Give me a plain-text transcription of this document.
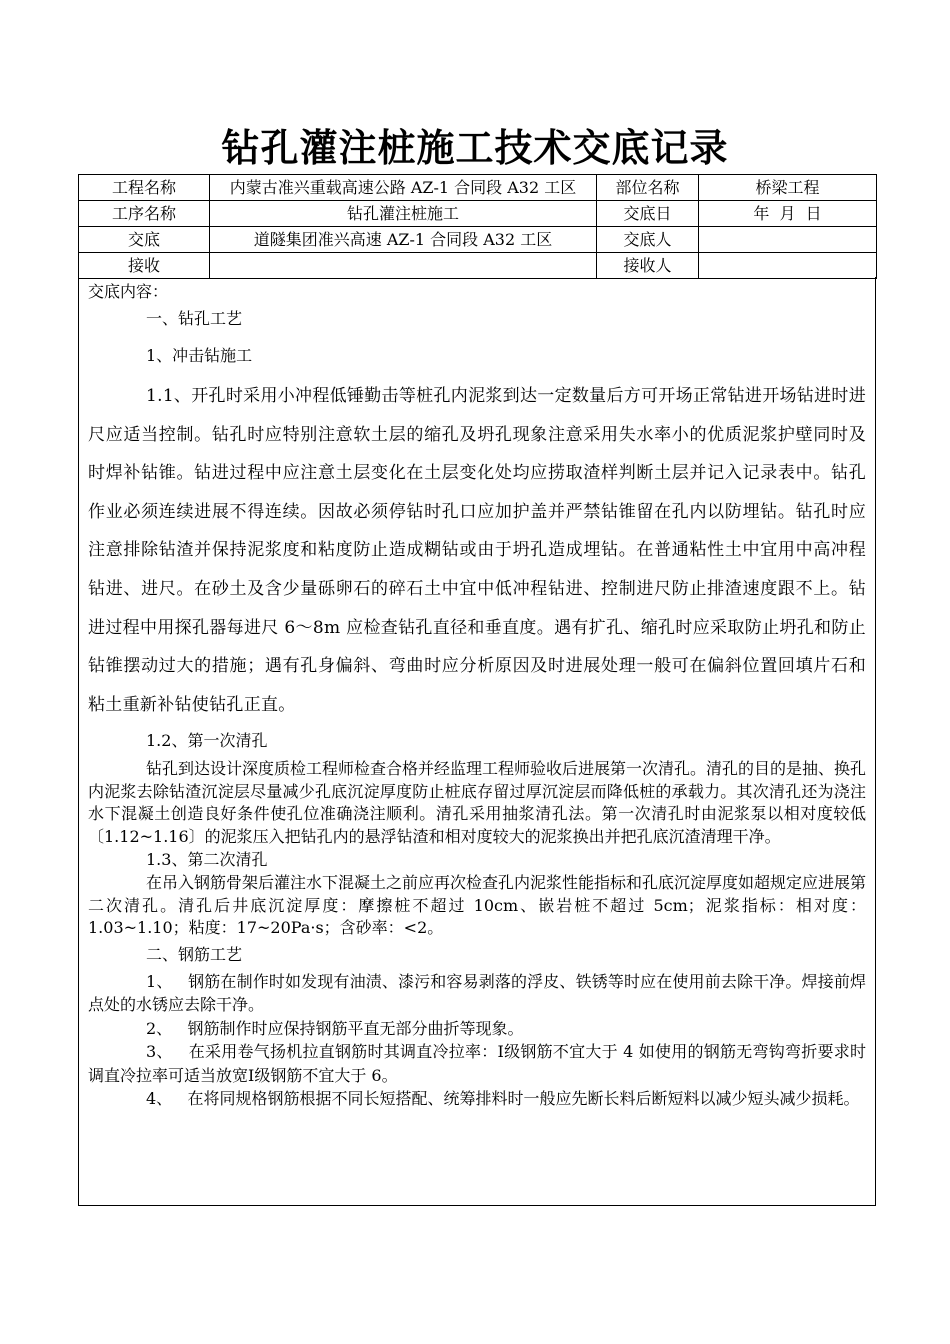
钻孔灌注桩施工技术交底记录
工程名称	内蒙古准兴重载高速公路 AZ-1 合同段 A32 工区	部位名称	桥梁工程
工序名称	钻孔灌注桩施工	交底日	年  月  日
交底	道隧集团准兴高速 AZ-1 合同段 A32 工区	交底人	
接收		接收人	

交底内容：

一、钻孔工艺

1、冲击钻施工

1.1、开孔时采用小冲程低锤勤击等桩孔内泥浆到达一定数量后方可开场正常钻进开场钻进时进尺应适当控制。钻孔时应特别注意软土层的缩孔及坍孔现象注意采用失水率小的优质泥浆护壁同时及时焊补钻锥。钻进过程中应注意土层变化在土层变化处均应捞取渣样判断土层并记入记录表中。钻孔作业必须连续进展不得连续。因故必须停钻时孔口应加护盖并严禁钻锥留在孔内以防埋钻。钻孔时应注意排除钻渣并保持泥浆度和粘度防止造成糊钻或由于坍孔造成埋钻。在普通粘性土中宜用中高冲程钻进、进尺。在砂土及含少量砾卵石的碎石土中宜中低冲程钻进、控制进尺防止排渣速度跟不上。钻进过程中用探孔器每进尺 6～8m 应检查钻孔直径和垂直度。遇有扩孔、缩孔时应采取防止坍孔和防止钻锥摆动过大的措施；遇有孔身偏斜、弯曲时应分析原因及时进展处理一般可在偏斜位置回填片石和粘土重新补钻使钻孔正直。

1.2、第一次清孔

钻孔到达设计深度质检工程师检查合格并经监理工程师验收后进展第一次清孔。清孔的目的是抽、换孔内泥浆去除钻渣沉淀层尽量减少孔底沉淀厚度防止桩底存留过厚沉淀层而降低桩的承载力。其次清孔还为浇注水下混凝土创造良好条件使孔位准确浇注顺利。清孔采用抽浆清孔法。第一次清孔时由泥浆泵以相对度较低〔1.12~1.16〕的泥浆压入把钻孔内的悬浮钻渣和相对度较大的泥浆换出并把孔底沉渣清理干净。

1.3、第二次清孔

在吊入钢筋骨架后灌注水下混凝土之前应再次检查孔内泥浆性能指标和孔底沉淀厚度如超规定应进展第二次清孔。清孔后井底沉淀厚度：摩擦桩不超过 10cm、嵌岩桩不超过 5cm；泥浆指标：相对度：1.03~1.10；粘度：17~20Pa·s；含砂率：<2。

二、钢筋工艺

1、   钢筋在制作时如发现有油渍、漆污和容易剥落的浮皮、铁锈等时应在使用前去除干净。焊接前焊点处的水锈应去除干净。

2、   钢筋制作时应保持钢筋平直无部分曲折等现象。

3、   在采用卷气扬机拉直钢筋时其调直冷拉率：Ⅰ级钢筋不宜大于 4 如使用的钢筋无弯钩弯折要求时调直冷拉率可适当放宽Ⅰ级钢筋不宜大于 6。

4、   在将同规格钢筋根据不同长短搭配、统筹排料时一般应先断长料后断短料以减少短头减少损耗。
